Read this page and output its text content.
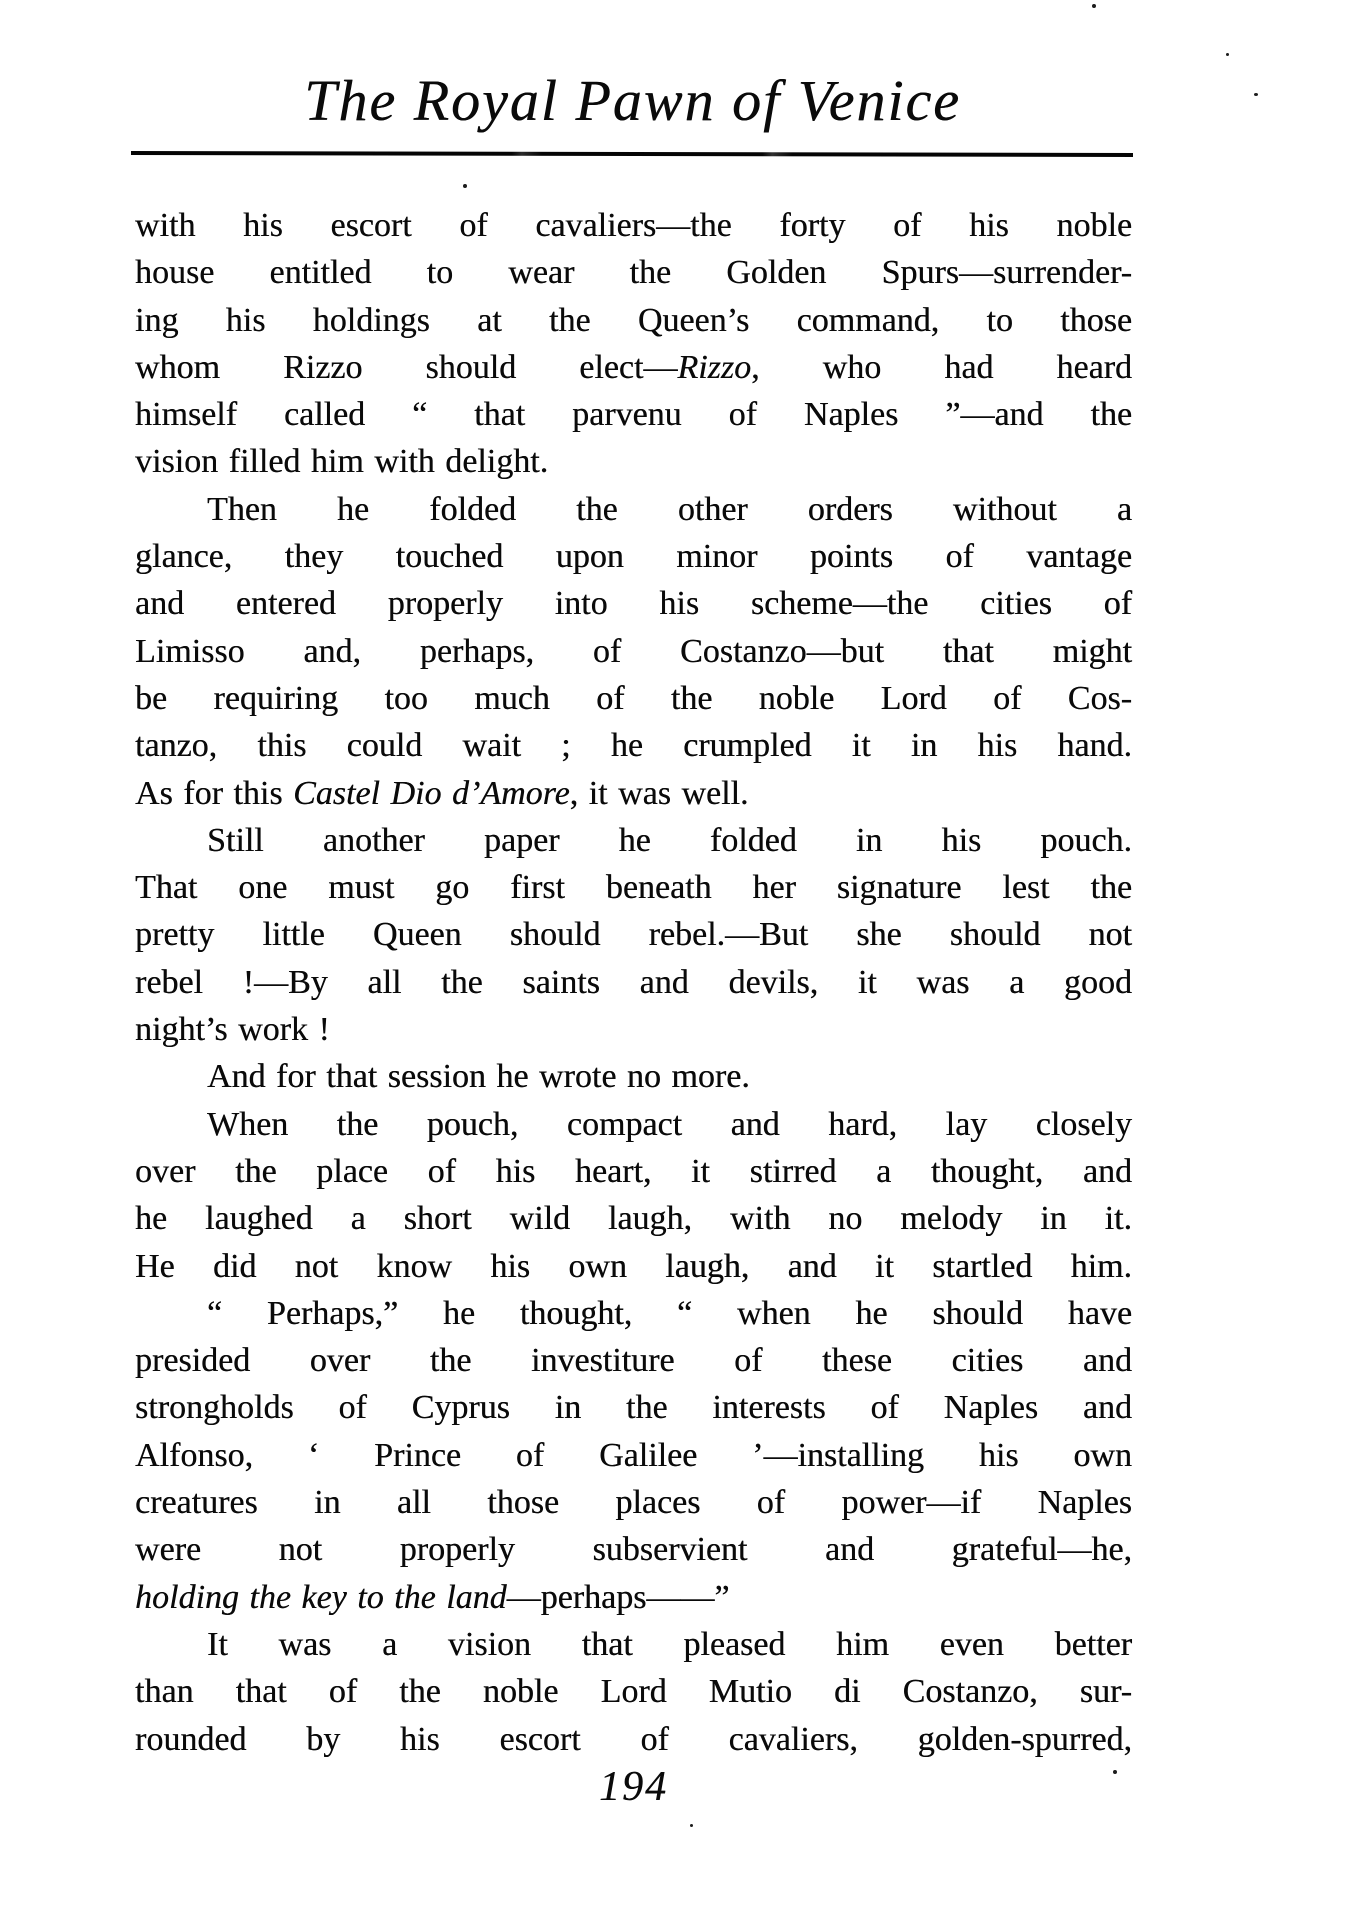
The Royal Pawn of Venice
with his escort of cavaliers—the forty of his noble
house entitled to wear the Golden Spurs—surrender-
ing his holdings at the Queen’s command, to those
whom Rizzo should elect—Rizzo, who had heard
himself called “ that parvenu of Naples ”—and the
vision filled him with delight.
Then he folded the other orders without a
glance, they touched upon minor points of vantage
and entered properly into his scheme—the cities of
Limisso and, perhaps, of Costanzo—but that might
be requiring too much of the noble Lord of Cos-
tanzo, this could wait ; he crumpled it in his hand.
As for this Castel Dio d’Amore, it was well.
Still another paper he folded in his pouch.
That one must go first beneath her signature lest the
pretty little Queen should rebel.—But she should not
rebel !—By all the saints and devils, it was a good
night’s work !
And for that session he wrote no more.
When the pouch, compact and hard, lay closely
over the place of his heart, it stirred a thought, and
he laughed a short wild laugh, with no melody in it.
He did not know his own laugh, and it startled him.
“ Perhaps,” he thought, “ when he should have
presided over the investiture of these cities and
strongholds of Cyprus in the interests of Naples and
Alfonso, ‘ Prince of Galilee ’—installing his own
creatures in all those places of power—if Naples
were not properly subservient and grateful—he,
holding the key to the land—perhaps——”
It was a vision that pleased him even better
than that of the noble Lord Mutio di Costanzo, sur-
rounded by his escort of cavaliers, golden-spurred,
194
